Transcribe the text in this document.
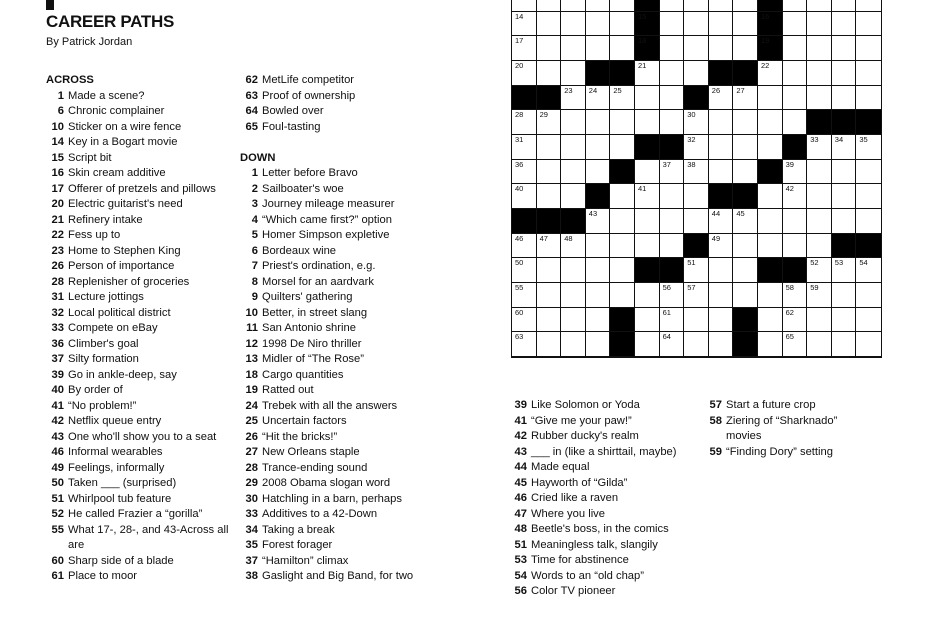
CAREER PATHS
By Patrick Jordan
ACROSS
1 Made a scene?
6 Chronic complainer
10 Sticker on a wire fence
14 Key in a Bogart movie
15 Script bit
16 Skin cream additive
17 Offerer of pretzels and pillows
20 Electric guitarist's need
21 Refinery intake
22 Fess up to
23 Home to Stephen King
26 Person of importance
28 Replenisher of groceries
31 Lecture jottings
32 Local political district
33 Compete on eBay
36 Climber's goal
37 Silty formation
39 Go in ankle-deep, say
40 By order of
41 “No problem!”
42 Netflix queue entry
43 One who'll show you to a seat
46 Informal wearables
49 Feelings, informally
50 Taken ___ (surprised)
51 Whirlpool tub feature
52 He called Frazier a “gorilla”
55 What 17-, 28-, and 43-Across all are
60 Sharp side of a blade
61 Place to moor
62 MetLife competitor
63 Proof of ownership
64 Bowled over
65 Foul-tasting
DOWN
1 Letter before Bravo
2 Sailboater's woe
3 Journey mileage measurer
4 “Which came first?” option
5 Homer Simpson expletive
6 Bordeaux wine
7 Priest's ordination, e.g.
8 Morsel for an aardvark
9 Quilters' gathering
10 Better, in street slang
11 San Antonio shrine
12 1998 De Niro thriller
13 Midler of “The Rose”
18 Cargo quantities
19 Ratted out
24 Trebek with all the answers
25 Uncertain factors
26 “Hit the bricks!”
27 New Orleans staple
28 Trance-ending sound
29 2008 Obama slogan word
30 Hatchling in a barn, perhaps
33 Additives to a 42-Down
34 Taking a break
35 Forest forager
37 “Hamilton” climax
38 Gaslight and Big Band, for two
39 Like Solomon or Yoda
41 “Give me your paw!”
42 Rubber ducky's realm
43 ___ in (like a shirttail, maybe)
44 Made equal
45 Hayworth of “Gilda”
46 Cried like a raven
47 Where you live
48 Beetle's boss, in the comics
51 Meaningless talk, slangily
53 Time for abstinence
54 Words to an “old chap”
56 Color TV pioneer
57 Start a future crop
58 Ziering of “Sharknado” movies
59 “Finding Dory” setting
14	15	16
17	18	19
20	21	22
23 24 25	26 27
28 29	30
31	32	33 34 35
36	37 38	39
40	41	42
43	44 45
46 47 48	49
50	51	52 53 54
55	56 57	58 59
60	61	62
63	64	65
